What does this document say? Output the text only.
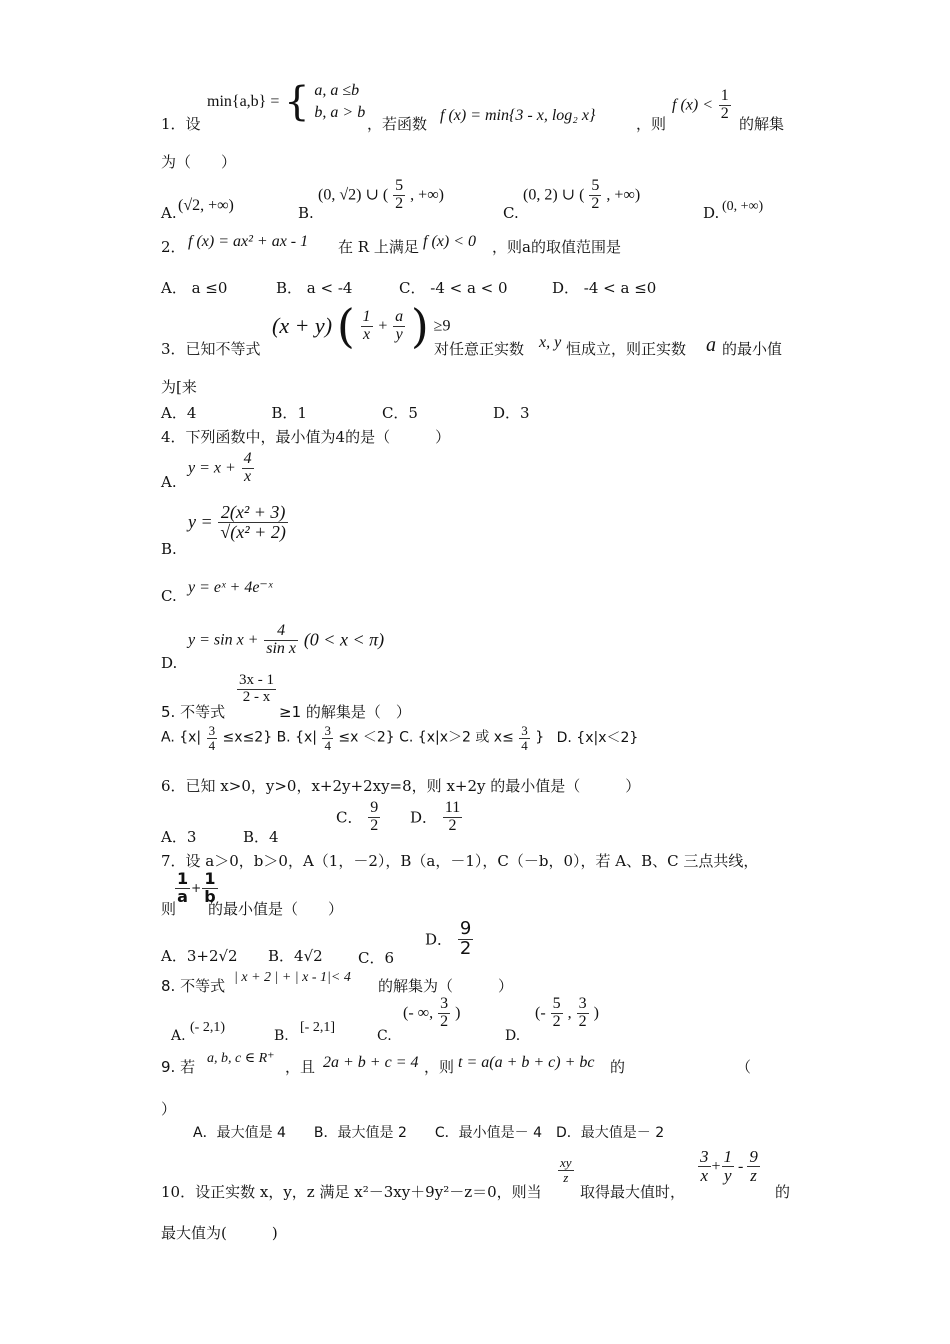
min{a,b} = { a, a ≤b
b, a > b
1．设	，若函数 f (x) = min{3 - x, log₂ x}	，则
f $(x) < \frac{1}{2}$
的解集
为（　　）
A. (√2, +∞)	B.
(0, √2) ∪ ( $\frac{5}{2}$ , +∞)
C.
(0, 2) ∪ ( $\frac{5}{2}$ , +∞)
D. (0, +∞)
2． f (x) = ax² + ax - 1 在 R 上满足 f (x) < 0 ，则a的取值范围是
A． a ≤0	B． a < -4	C． -4 < a < 0	D． -4 < a ≤0
3．已知不等式
(x + y) ( $\frac{1}{x} + \frac{a}{y}$ ) ≥9
对任意正实数 x, y 恒成立，则正实数 a 的最小值
为[来
A．4　　　　　B．1　　　　　C．5　　　　　D．3
4．下列函数中，最小值为4的是（　　　）
A.
$y = x + \frac{4}{x}$
B.
$y = \frac{\text{2(x² + 3)}}{\text{√(x² + 2)}}$
C. y = eˣ + 4e⁻ˣ
D.
$y = \sin x + \frac{4}{\text{sin x}} (0 < x < \pi)$
$\frac{3x - 1}{2 - x}$
5. 不等式	≥1 的解集是（　）
A. $\{x| \frac{3}{4} \le x\le 2\}$ B. $\{x| \frac{3}{4} \le x <2\}$ C. {x|x＞2 或 $x\le \frac{3}{4}$ } D. {x|x＜2}
6．已知 x>0，y>0，x+2y+2xy=8，则 x+2y 的最小值是（　　　）
A．3	B．4
C． $\frac{9}{2}$ D． $\frac{11}{2}$
7．设 a＞0，b＞0，A（1，－2），B（a，－1），C（－b，0），若 A、B、C 三点共线，
$\frac{1}{a} + \frac{1}{b}$
则 的最小值是（　　）
A．3+2√2 B．4√2 C．6
D． $\frac{9}{2}$
8. 不等式 | x + 2 | + | x - 1|< 4 的解集为（　　　）
A.
(- 2,1)
B.
[- 2,1]
C.
(- ∞, $\frac{3}{2}$ )
D.
(- $\frac{5}{2}$ , $\frac{3}{2}$ )
9. 若 a, b, c ∈ R⁺ ，且 2a + b + c = 4 ，则 t = a(a + b + c) + bc 的	（
）
A．最大值是 4　　B．最大值是 2　　C．最小值是－ 4　D．最大值是－ 2
10．设正实数 x，y，z 满足 x²－3xy＋9y²－z＝0，则当
$\frac{xy}{z}$
取得最大值时，
$\frac{3}{x} + \frac{1}{y} - \frac{9}{z}$
的
最大值为(　　　)
